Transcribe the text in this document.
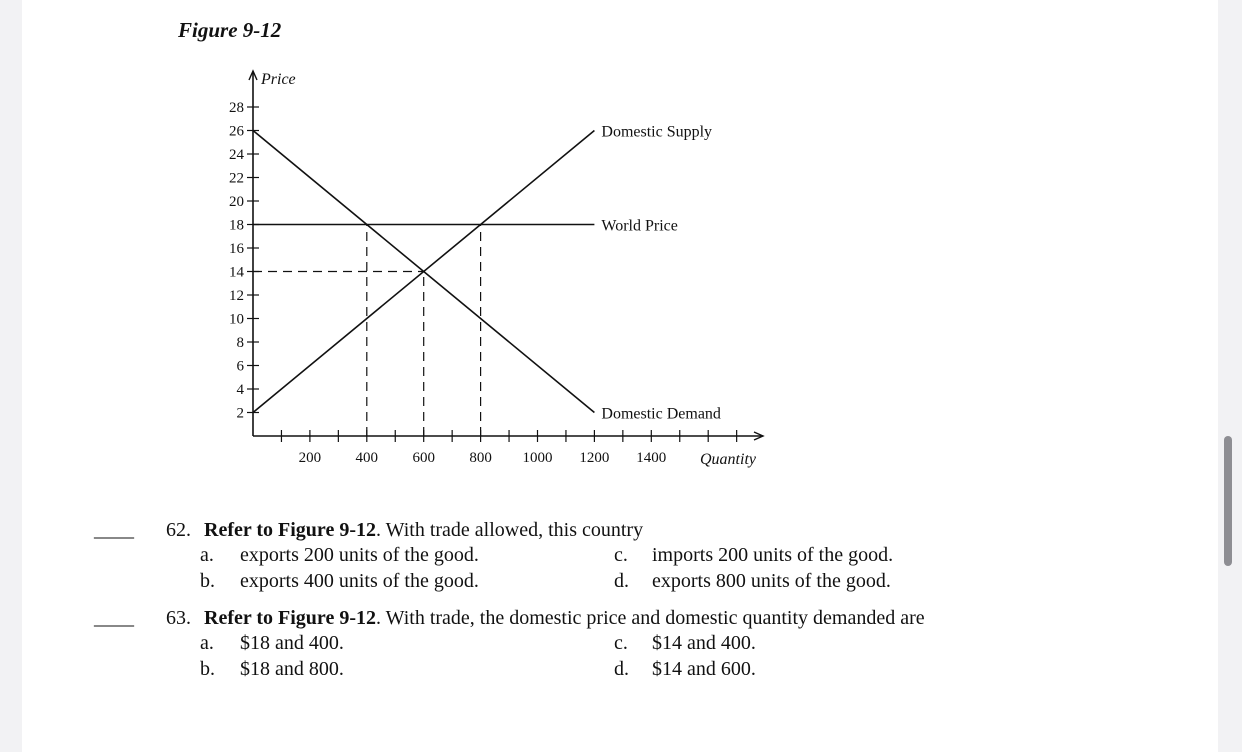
Figure 9-12
Price
Quantity
2
4
6
8
10
12
14
16
18
20
22
24
26
28
200 400 600 800 1000 1200 1400
Domestic Supply
World Price
Domestic Demand
____ 62. Refer to Figure 9-12. With trade allowed, this country
a. exports 200 units of the good.
b. exports 400 units of the good.
c. imports 200 units of the good.
d. exports 800 units of the good.
____ 63. Refer to Figure 9-12. With trade, the domestic price and domestic quantity demanded are
a. $18 and 400.
b. $18 and 800.
c. $14 and 400.
d. $14 and 600.
